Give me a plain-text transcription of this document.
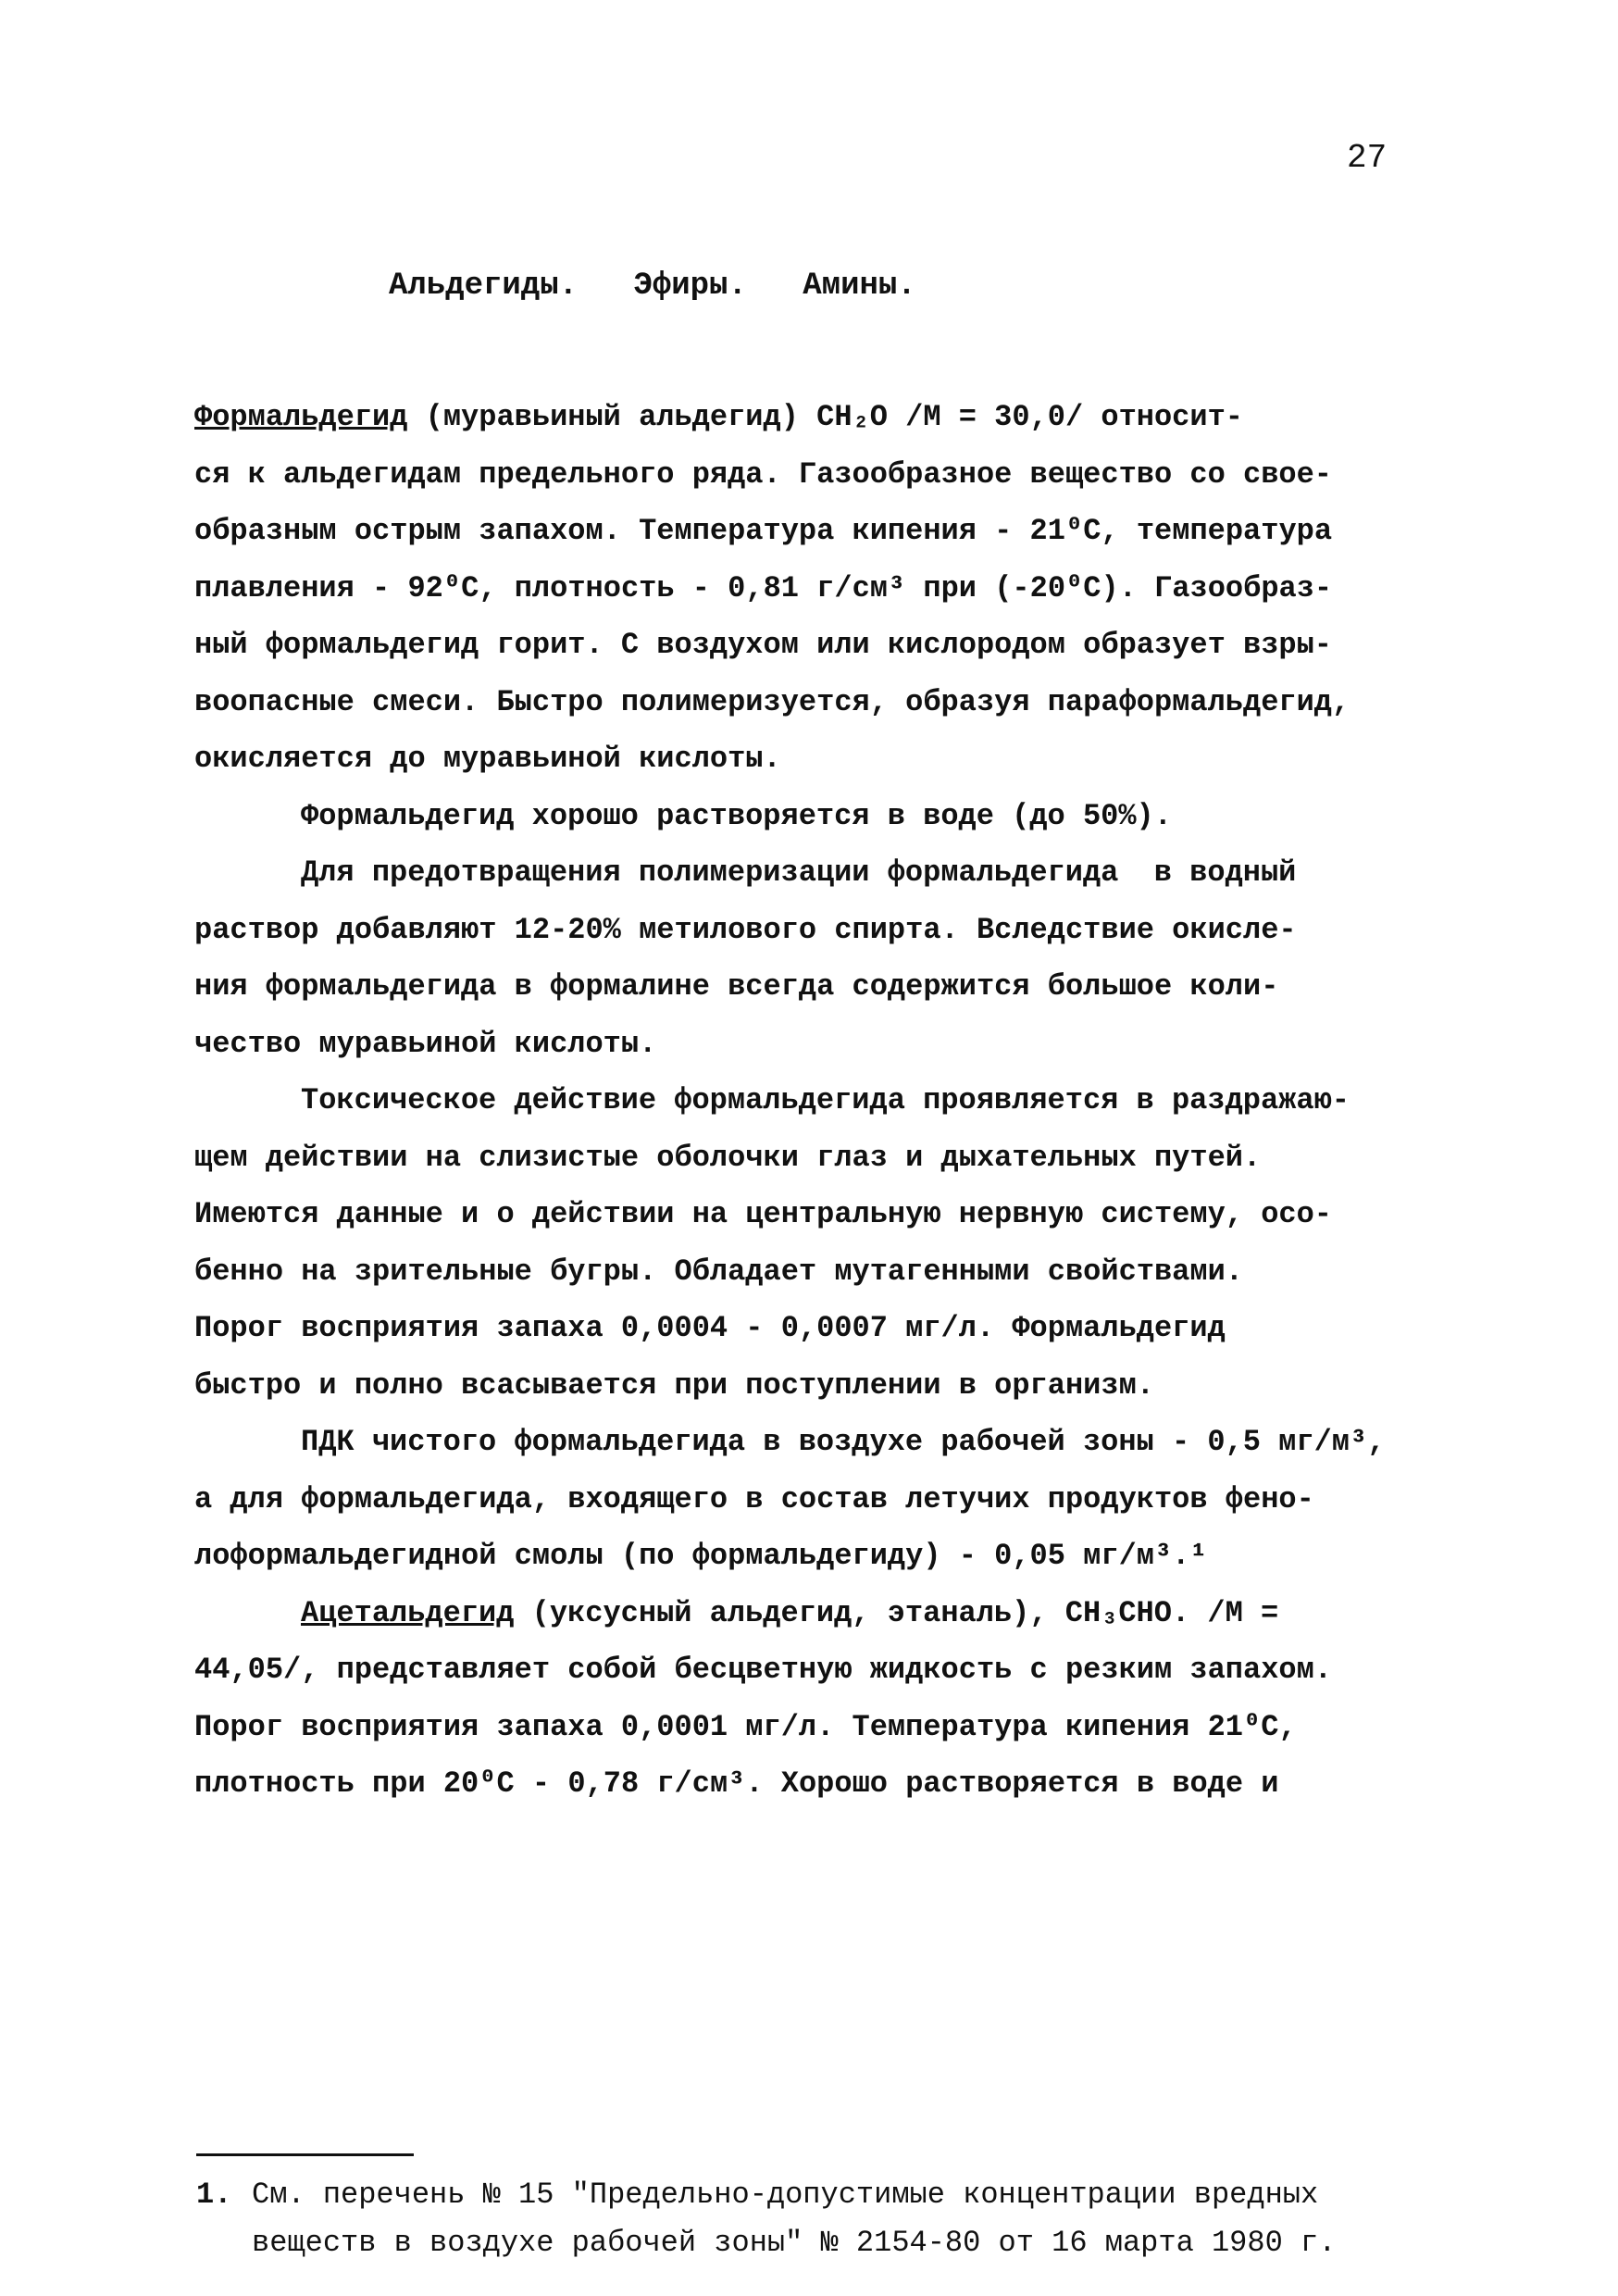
27
Альдегиды. Эфиры. Амины.
Формальдегид (муравьиный альдегид) CH₂O /M = 30,0/ относит-
ся к альдегидам предельного ряда. Газообразное вещество со свое-
образным острым запахом. Температура кипения - 21⁰C, температура
плавления - 92⁰C, плотность - 0,81 г/см³ при (-20⁰C). Газообраз-
ный формальдегид горит. С воздухом или кислородом образует взры-
воопасные смеси. Быстро полимеризуется, образуя параформальдегид,
окисляется до муравьиной кислоты.
Формальдегид хорошо растворяется в воде (до 50%).
Для предотвращения полимеризации формальдегида  в водный
раствор добавляют 12-20% метилового спирта. Вследствие окисле-
ния формальдегида в формалине всегда содержится большое коли-
чество муравьиной кислоты.
Токсическое действие формальдегида проявляется в раздражаю-
щем действии на слизистые оболочки глаз и дыхательных путей.
Имеются данные и о действии на центральную нервную систему, осо-
бенно на зрительные бугры. Обладает мутагенными свойствами.
Порог восприятия запаха 0,0004 - 0,0007 мг/л. Формальдегид
быстро и полно всасывается при поступлении в организм.
ПДК чистого формальдегида в воздухе рабочей зоны - 0,5 мг/м³,
а для формальдегида, входящего в состав летучих продуктов фено-
лоформальдегидной смолы (по формальдегиду) - 0,05 мг/м³.¹
Ацетальдегид (уксусный альдегид, этаналь), CH₃CHO. /M =
44,05/, представляет собой бесцветную жидкость с резким запахом.
Порог восприятия запаха 0,0001 мг/л. Температура кипения 21⁰C,
плотность при 20⁰C - 0,78 г/см³. Хорошо растворяется в воде и
1. См. перечень № 15 "Предельно-допустимые концентрации вредных
веществ в воздухе рабочей зоны" № 2154-80 от 16 марта 1980 г.
